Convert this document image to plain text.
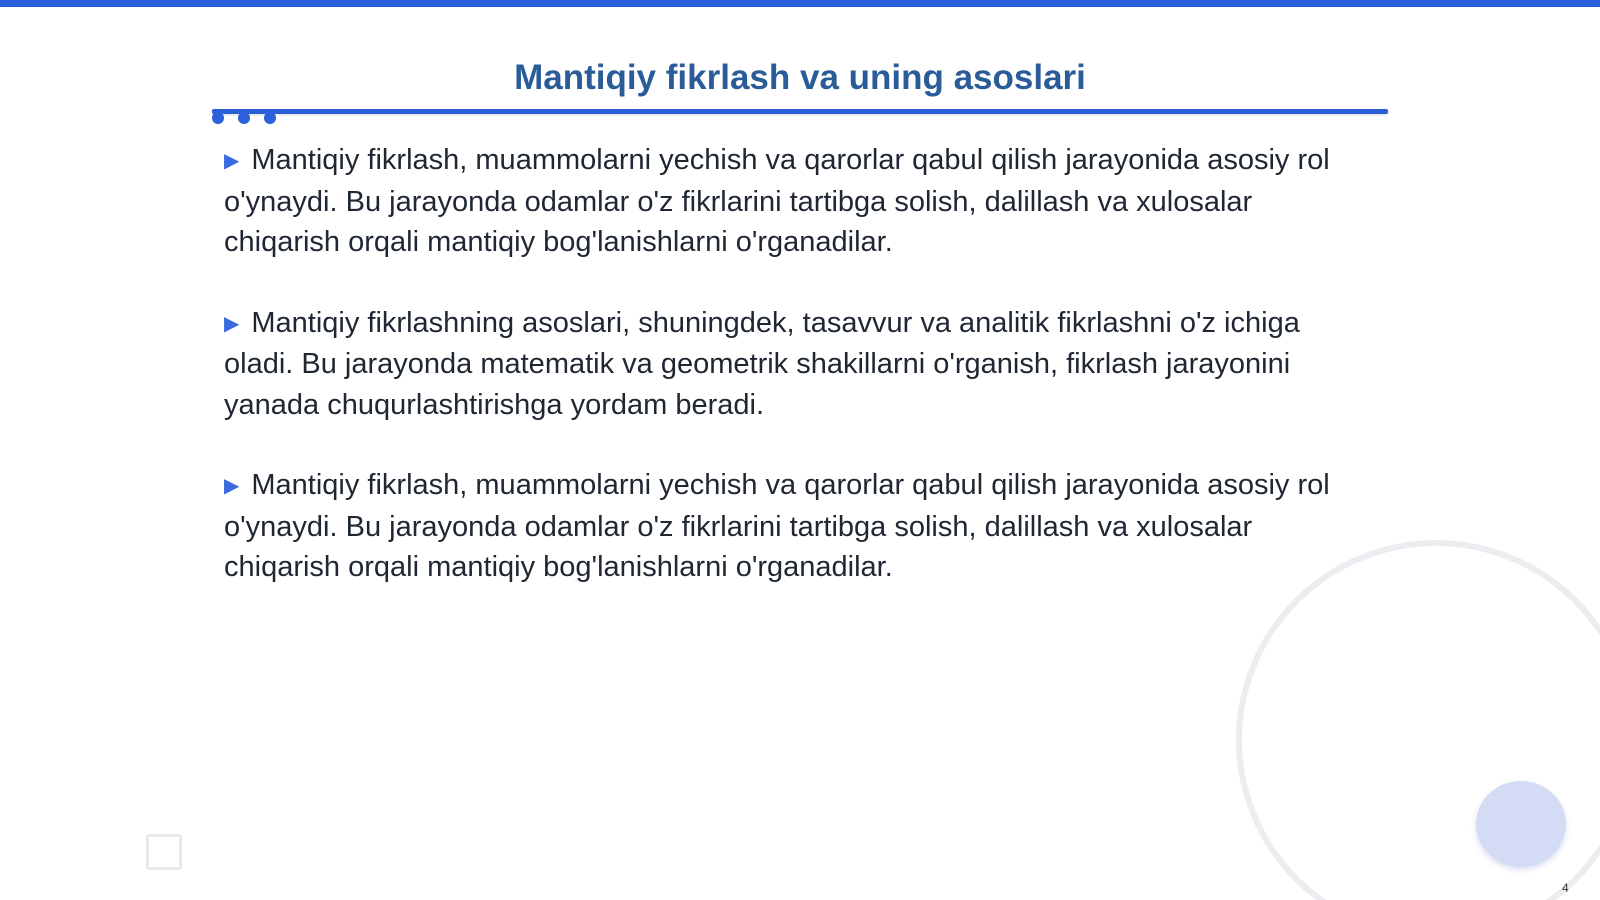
Mantiqiy fikrlash va uning asoslari

▶ Mantiqiy fikrlash, muammolarni yechish va qarorlar qabul qilish jarayonida asosiy rol o'ynaydi. Bu jarayonda odamlar o'z fikrlarini tartibga solish, dalillash va xulosalar chiqarish orqali mantiqiy bog'lanishlarni o'rganadilar.

▶ Mantiqiy fikrlashning asoslari, shuningdek, tasavvur va analitik fikrlashni o'z ichiga oladi. Bu jarayonda matematik va geometrik shakillarni o'rganish, fikrlash jarayonini yanada chuqurlashtirishga yordam beradi.

▶ Mantiqiy fikrlash, muammolarni yechish va qarorlar qabul qilish jarayonida asosiy rol o'ynaydi. Bu jarayonda odamlar o'z fikrlarini tartibga solish, dalillash va xulosalar chiqarish orqali mantiqiy bog'lanishlarni o'rganadilar.

4
